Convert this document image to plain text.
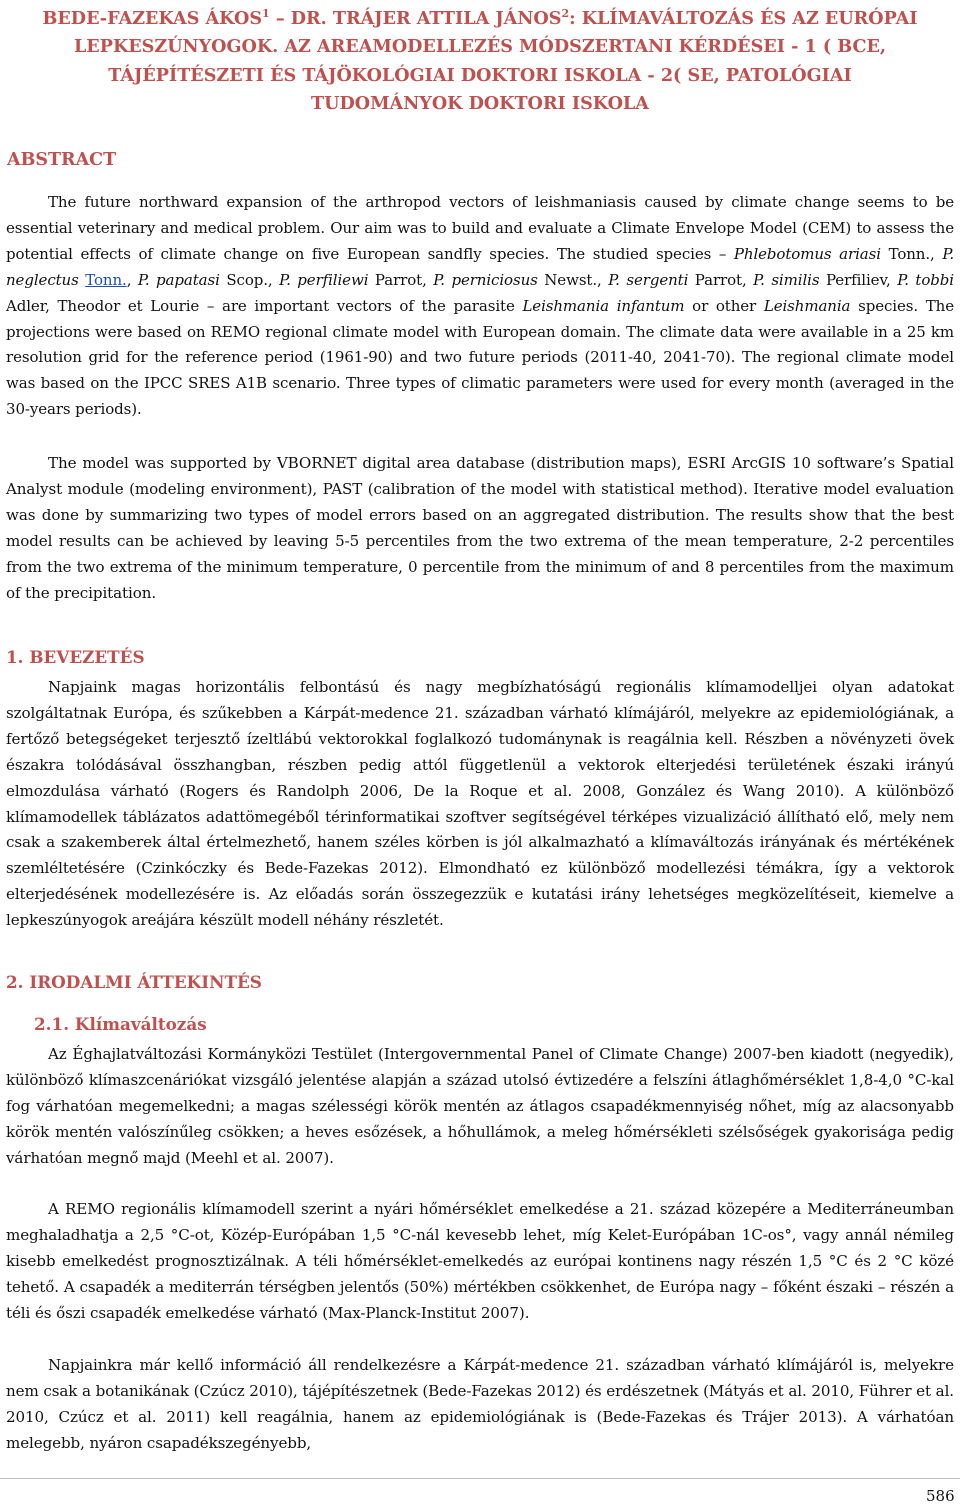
BEDE-FAZEKAS ÁKOS$^1$ – DR. TRÁJER ATTILA JÁNOS$^2$: KLÍMAVÁLTOZÁS ÉS AZ EURÓPAI
LEPKESZÚNYOGOK. AZ AREAMODELLEZÉS MÓDSZERTANI KÉRDÉSEI - 1 ( BCE,
TÁJÉPÍTÉSZETI ÉS TÁJÖKOLÓGIAI DOKTORI ISKOLA - 2( SE, PATOLÓGIAI
TUDOMÁNYOK DOKTORI ISKOLA

ABSTRACT

The future northward expansion of the arthropod vectors of leishmaniasis caused by climate change seems to be essential veterinary and medical problem. Our aim was to build and evaluate a Climate Envelope Model (CEM) to assess the potential effects of climate change on five European sandfly species. The studied species – Phlebotomus ariasi Tonn., P. neglectus Tonn., P. papatasi Scop., P. perfiliewi Parrot, P. perniciosus Newst., P. sergenti Parrot, P. similis Perfiliev, P. tobbi Adler, Theodor et Lourie – are important vectors of the parasite Leishmania infantum or other Leishmania species. The projections were based on REMO regional climate model with European domain. The climate data were available in a 25 km resolution grid for the reference period (1961-90) and two future periods (2011-40, 2041-70). The regional climate model was based on the IPCC SRES A1B scenario. Three types of climatic parameters were used for every month (averaged in the 30-years periods).

The model was supported by VBORNET digital area database (distribution maps), ESRI ArcGIS 10 software’s Spatial Analyst module (modeling environment), PAST (calibration of the model with statistical method). Iterative model evaluation was done by summarizing two types of model errors based on an aggregated distribution. The results show that the best model results can be achieved by leaving 5-5 percentiles from the two extrema of the mean temperature, 2-2 percentiles from the two extrema of the minimum temperature, 0 percentile from the minimum of and 8 percentiles from the maximum of the precipitation.

1. BEVEZETÉS

Napjaink magas horizontális felbontású és nagy megbízhatóságú regionális klímamodelljei olyan adatokat szolgáltatnak Európa, és szűkebben a Kárpát-medence 21. században várható klímájáról, melyekre az epidemiológiának, a fertőző betegségeket terjesztő ízeltlábú vektorokkal foglalkozó tudománynak is reagálnia kell. Részben a növényzeti övek északra tolódásával összhangban, részben pedig attól függetlenül a vektorok elterjedési területének északi irányú elmozdulása várható (Rogers és Randolph 2006, De la Roque et al. 2008, González és Wang 2010). A különböző klímamodellek táblázatos adattömegéből térinformatikai szoftver segítségével térképes vizualizáció állítható elő, mely nem csak a szakemberek által értelmezhető, hanem széles körben is jól alkalmazható a klímaváltozás irányának és mértékének szemléltetésére (Czinkóczky és Bede-Fazekas 2012). Elmondható ez különböző modellezési témákra, így a vektorok elterjedésének modellezésére is. Az előadás során összegezzük e kutatási irány lehetséges megközelítéseit, kiemelve a lepkeszúnyogok areájára készült modell néhány részletét.

2. IRODALMI ÁTTEKINTÉS

2.1. Klímaváltozás

Az Éghajlatváltozási Kormányközi Testület (Intergovernmental Panel of Climate Change) 2007-ben kiadott (negyedik), különböző klímaszcenáriókat vizsgáló jelentése alapján a század utolsó évtizedére a felszíni átlaghőmérséklet 1,8-4,0 °C-kal fog várhatóan megemelkedni; a magas szélességi körök mentén az átlagos csapadékmennyiség nőhet, míg az alacsonyabb körök mentén valószínűleg csökken; a heves esőzések, a hőhullámok, a meleg hőmérsékleti szélsőségek gyakorisága pedig várhatóan megnő majd (Meehl et al. 2007).

A REMO regionális klímamodell szerint a nyári hőmérséklet emelkedése a 21. század közepére a Mediterráneumban meghaladhatja a 2,5 °C-ot, Közép-Európában 1,5 °C-nál kevesebb lehet, míg Kelet-Európában 1C-os°, vagy annál némileg kisebb emelkedést prognosztizálnak. A téli hőmérséklet-emelkedés az európai kontinens nagy részén 1,5 °C és 2 °C közé tehető. A csapadék a mediterrán térségben jelentős (50%) mértékben csökkenhet, de Európa nagy – főként északi – részén a téli és őszi csapadék emelkedése várható (Max-Planck-Institut 2007).

Napjainkra már kellő információ áll rendelkezésre a Kárpát-medence 21. században várható klímájáról is, melyekre nem csak a botanikának (Czúcz 2010), tájépítészetnek (Bede-Fazekas 2012) és erdészetnek (Mátyás et al. 2010, Führer et al. 2010, Czúcz et al. 2011) kell reagálnia, hanem az epidemiológiának is (Bede-Fazekas és Trájer 2013). A várhatóan melegebb, nyáron csapadékszegényebb,

586
